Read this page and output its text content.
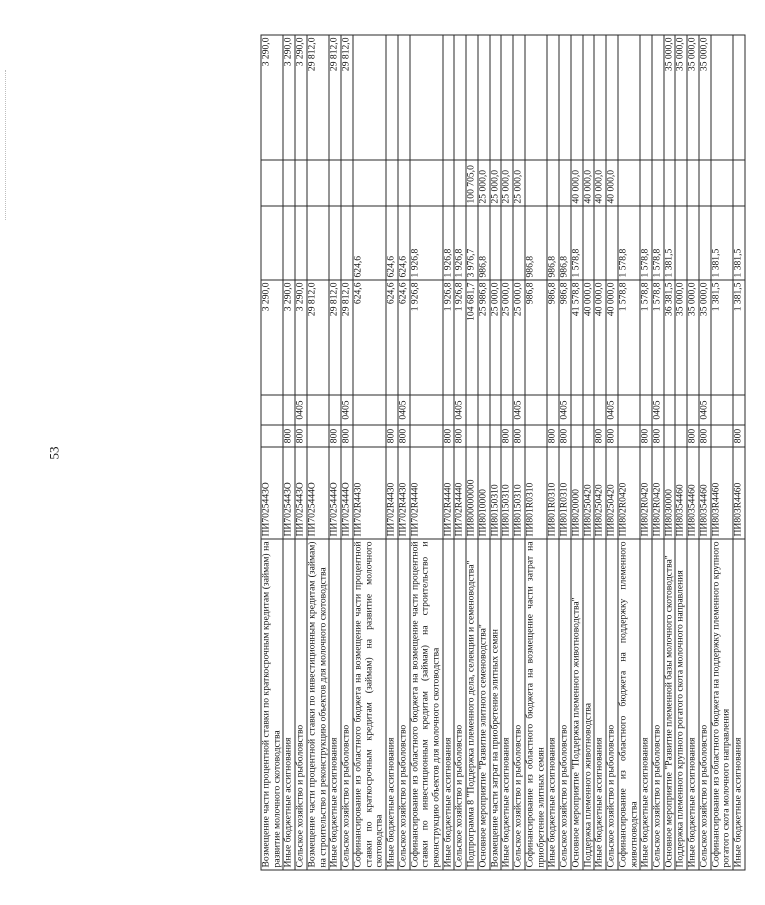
53
Возмещение части процентной ставки по краткосрочным кредитам (займам) на развитие молочного скотоводства	ПИ7025443О			3 290,0			3 290,0
Иные бюджетные ассигнования	ПИ7025443О	800		3 290,0			3 290,0
Сельское хозяйство и рыболовство	ПИ7025443О	800	0405	3 290,0			3 290,0
Возмещение части процентной ставки по инвестиционным кредитам (займам) на строительство и реконструкцию объектов для молочного скотоводства	ПИ7025444О			29 812,0			29 812,0
Иные бюджетные ассигнования	ПИ7025444О	800		29 812,0			29 812,0
Сельское хозяйство и рыболовство	ПИ7025444О	800	0405	29 812,0			29 812,0
Софинансирование из областного бюджета на возмещение части процентной ставки по краткосрочным кредитам (займам) на развитие молочного скотоводства	ПИ702R4430			624,6	624,6		
Иные бюджетные ассигнования	ПИ702R4430	800		624,6	624,6		
Сельское хозяйство и рыболовство	ПИ702R4430	800	0405	624,6	624,6		
Софинансирование из областного бюджета на возмещение части процентной ставки по инвестиционным кредитам (займам) на строительство и реконструкцию объектов для молочного скотоводства	ПИ702R4440			1 926,8	1 926,8		
Иные бюджетные ассигнования	ПИ702R4440	800		1 926,8	1 926,8		
Сельское хозяйство и рыболовство	ПИ702R4440	800	0405	1 926,8	1 926,8		
Подпрограмма 8 "Поддержка племенного дела, селекции и семеноводства"	ПИ800000000			104 681,7	3 976,7	100 705,0	
Основное мероприятие "Развитие элитного семеноводства"	ПИ8010000			25 986,8	986,8	25 000,0	
Возмещение части затрат на приобретение элитных семян	ПИ80150310			25 000,0		25 000,0	
Иные бюджетные ассигнования	ПИ80150310	800		25 000,0		25 000,0	
Сельское хозяйство и рыболовство	ПИ80150310	800	0405	25 000,0		25 000,0	
Софинансирование из областного бюджета на возмещение части затрат на приобретение элитных семян	ПИ801R0310			986,8	986,8		
Иные бюджетные ассигнования	ПИ801R0310	800		986,8	986,8		
Сельское хозяйство и рыболовство	ПИ801R0310	800	0405	986,8	986,8		
Основное мероприятие "Поддержка племенного животноводства"	ПИ8020000			41 578,8	1 578,8	40 000,0	
Поддержка племенного животноводства	ПИ80250420			40 000,0		40 000,0	
Иные бюджетные ассигнования	ПИ80250420	800		40 000,0		40 000,0	
Сельское хозяйство и рыболовство	ПИ80250420	800	0405	40 000,0		40 000,0	
Софинансирование из областного бюджета на поддержку племенного животноводства	ПИ802R0420			1 578,8	1 578,8		
Иные бюджетные ассигнования	ПИ802R0420	800		1 578,8	1 578,8		
Сельское хозяйство и рыболовство	ПИ802R0420	800	0405	1 578,8	1 578,8		
Основное мероприятие "Развитие племенной базы молочного скотоводства"	ПИ8030000			36 381,5	1 381,5		35 000,0
Поддержка племенного крупного рогатого скота молочного направления	ПИ80354460			35 000,0			35 000,0
Иные бюджетные ассигнования	ПИ80354460	800		35 000,0			35 000,0
Сельское хозяйство и рыболовство	ПИ80354460	800	0405	35 000,0			35 000,0
Софинансирование из областного бюджета на поддержку племенного крупного рогатого скота молочного направления	ПИ803R4460			1 381,5	1 381,5		
Иные бюджетные ассигнования	ПИ803R4460	800		1 381,5	1 381,5		
